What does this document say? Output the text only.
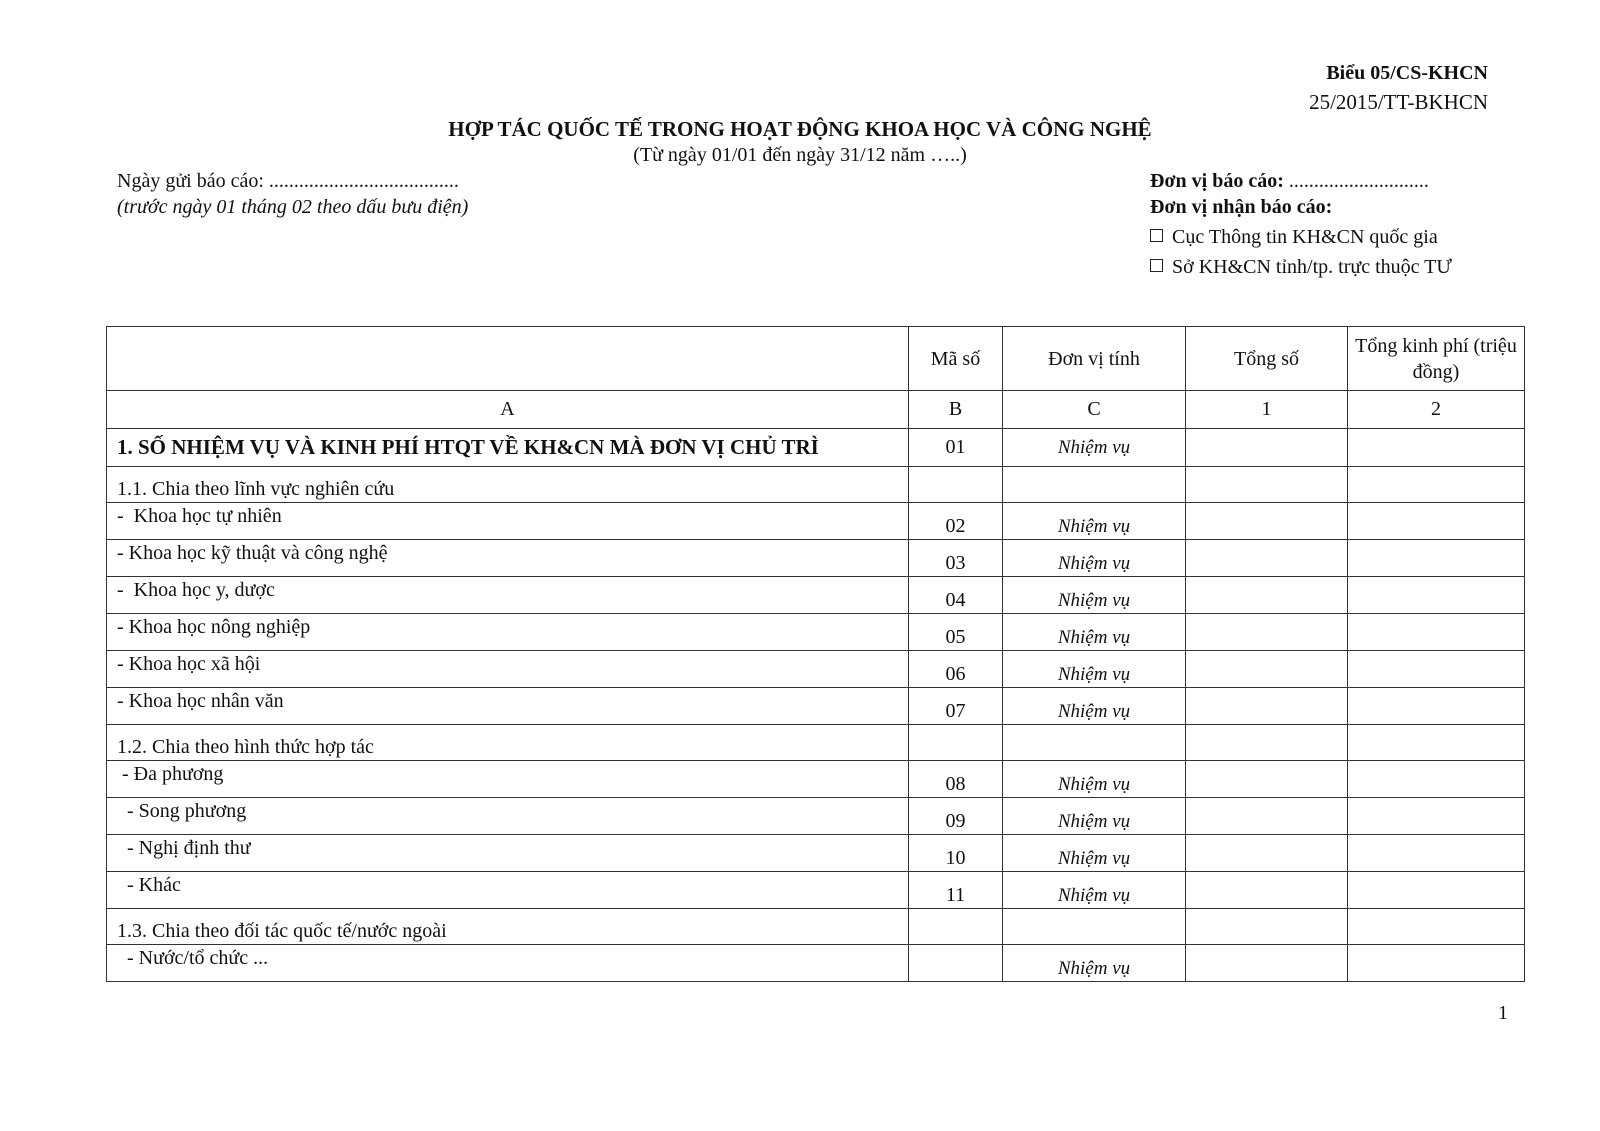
Biểu 05/CS-KHCN
25/2015/TT-BKHCN
HỢP TÁC QUỐC TẾ TRONG HOẠT ĐỘNG KHOA HỌC VÀ CÔNG NGHỆ
(Từ ngày 01/01 đến ngày 31/12 năm …..)
Ngày gửi báo cáo: ......................................
(trước ngày 01 tháng 02 theo dấu bưu điện)
Đơn vị báo cáo: ............................
Đơn vị nhận báo cáo:
Cục Thông tin KH&CN quốc gia
Sở KH&CN tỉnh/tp. trực thuộc TƯ
	Mã số	Đơn vị tính	Tổng số	Tổng kinh phí (triệu đồng)
A	B	C	1	2
1. SỐ NHIỆM VỤ VÀ KINH PHÍ HTQT VỀ KH&CN MÀ ĐƠN VỊ CHỦ TRÌ	01	Nhiệm vụ		
1.1. Chia theo lĩnh vực nghiên cứu				
-  Khoa học tự nhiên	02	Nhiệm vụ		
- Khoa học kỹ thuật và công nghệ	03	Nhiệm vụ		
-  Khoa học y, dược	04	Nhiệm vụ		
- Khoa học nông nghiệp	05	Nhiệm vụ		
- Khoa học xã hội	06	Nhiệm vụ		
- Khoa học nhân văn	07	Nhiệm vụ		
1.2. Chia theo hình thức hợp tác				
- Đa phương	08	Nhiệm vụ		
- Song phương	09	Nhiệm vụ		
- Nghị định thư	10	Nhiệm vụ		
- Khác	11	Nhiệm vụ		
1.3. Chia theo đối tác quốc tế/nước ngoài				
- Nước/tổ chức ...		Nhiệm vụ		
1
